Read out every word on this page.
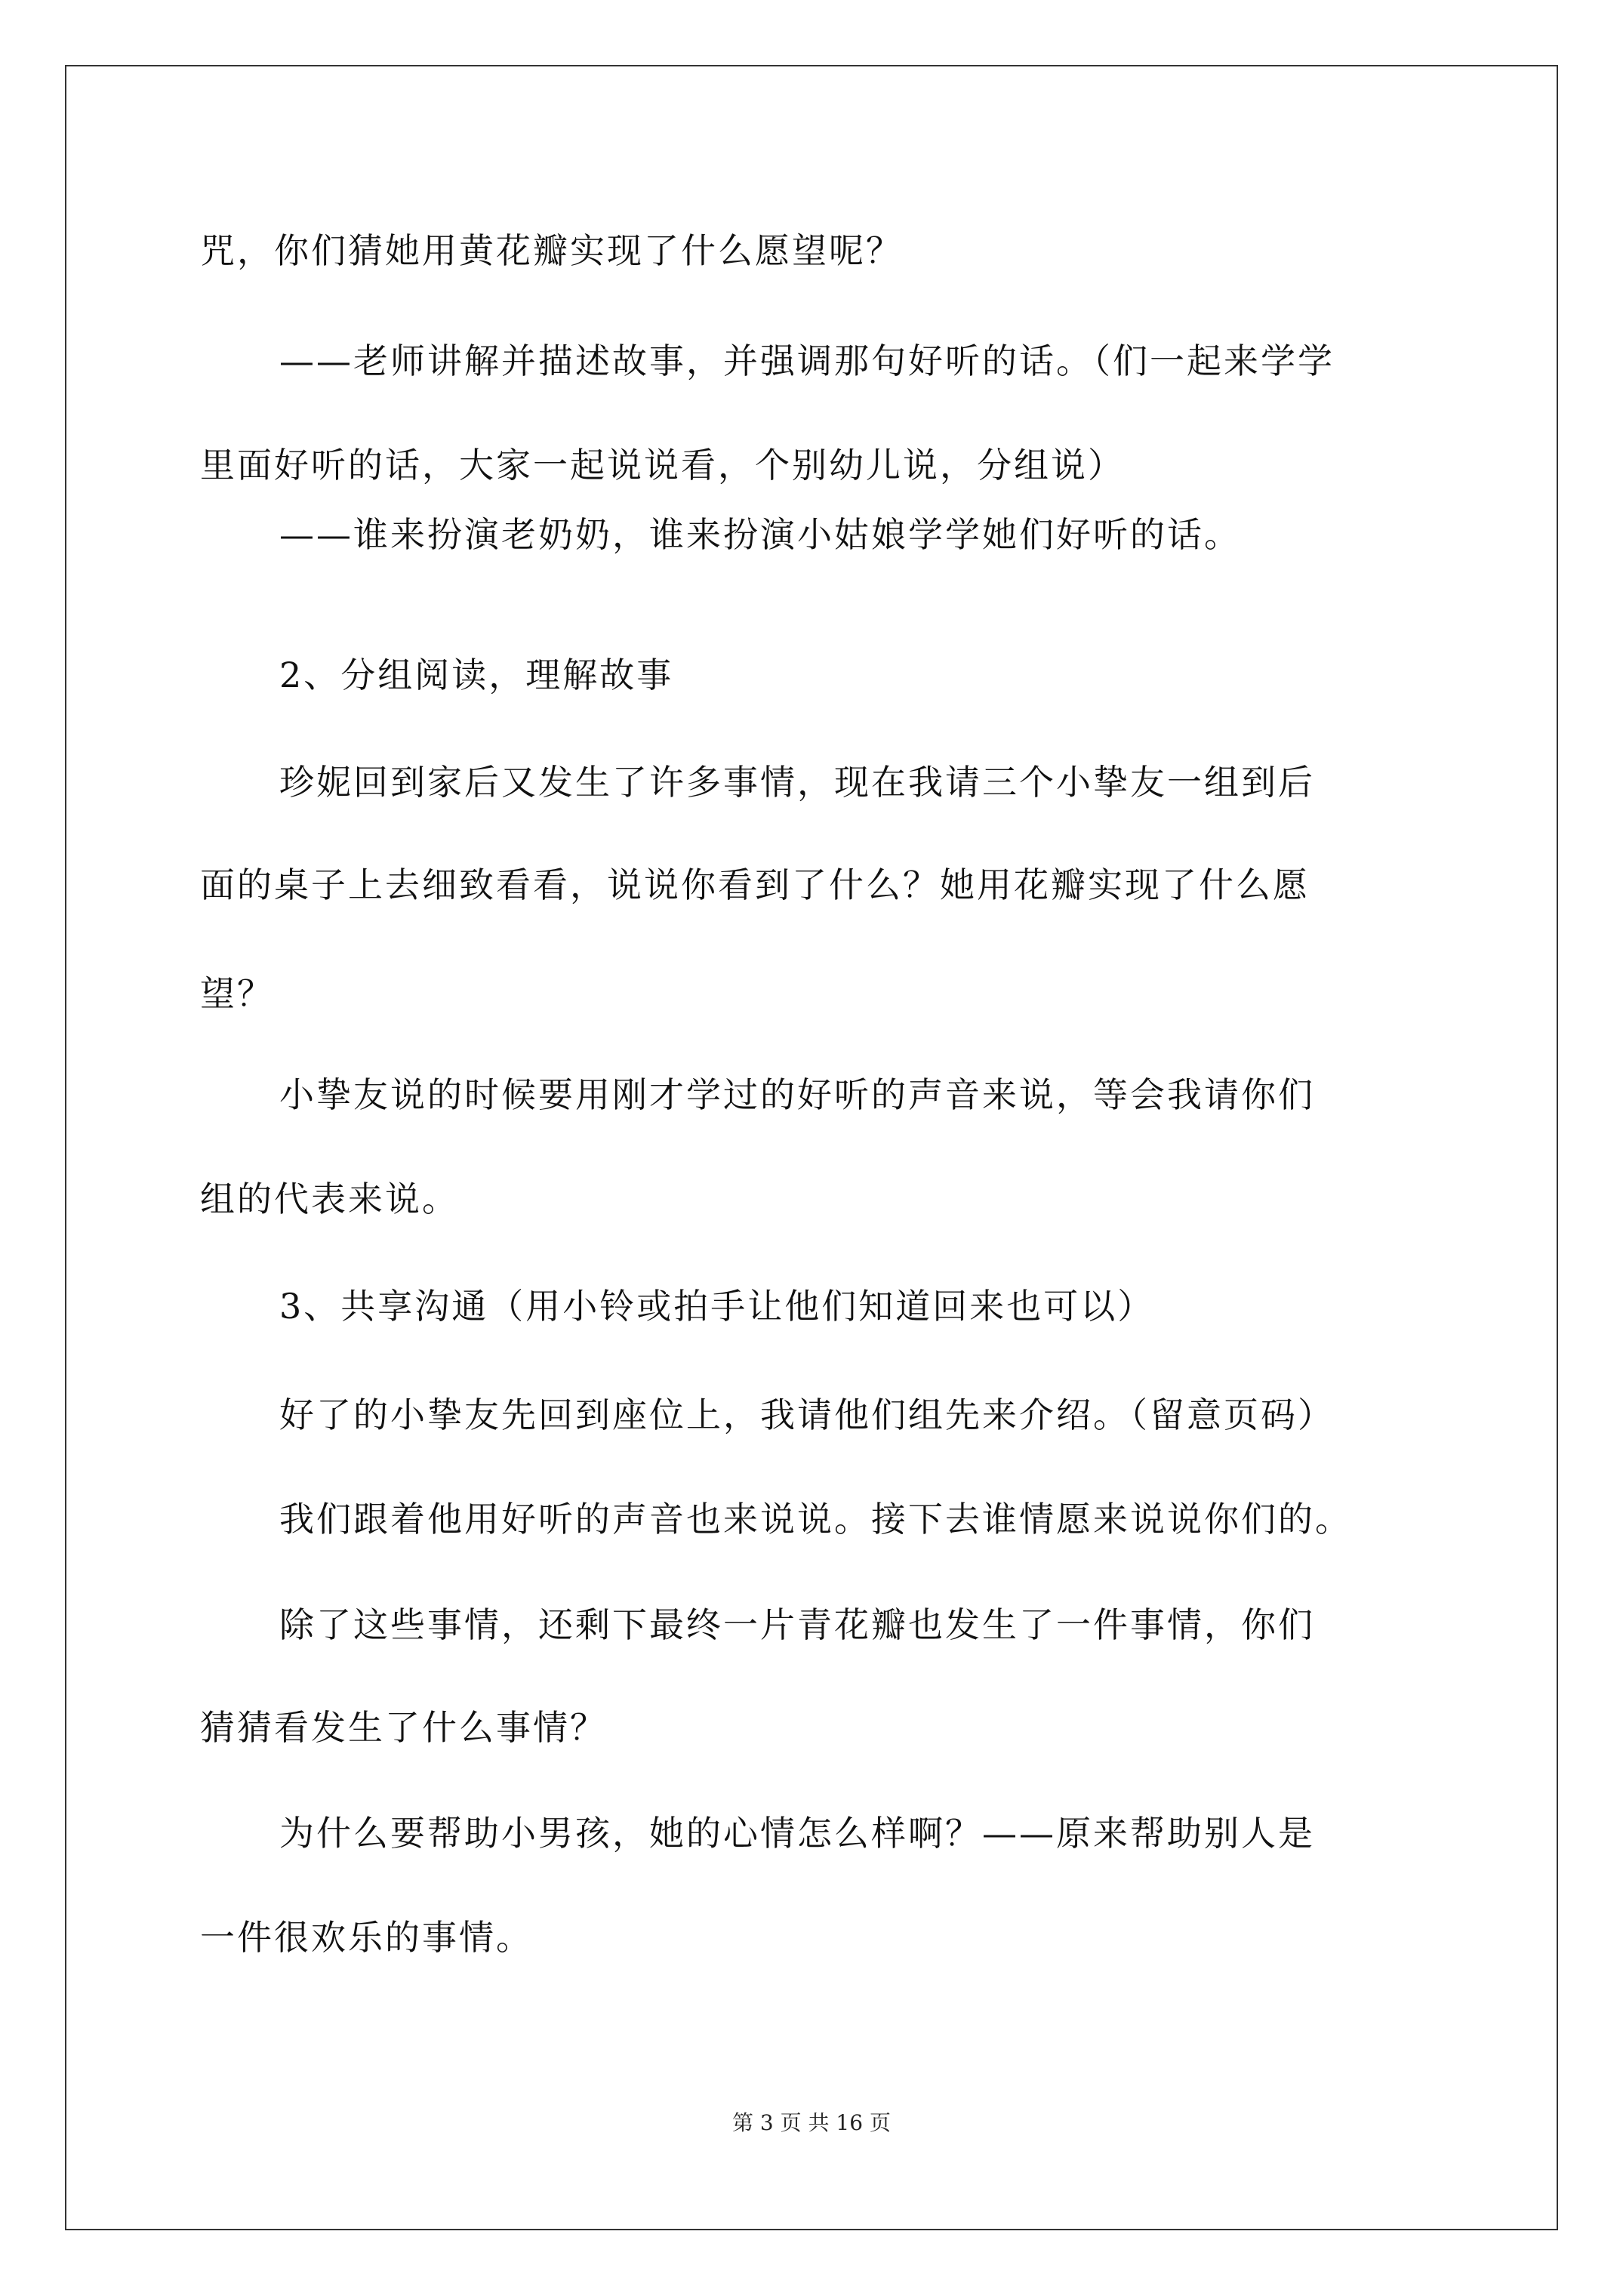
咒，你们猜她用黄花瓣实现了什么愿望呢？
——老师讲解并描述故事，并强调那句好听的话。（们一起来学学
里面好听的话，大家一起说说看，个别幼儿说，分组说）
——谁来扮演老奶奶，谁来扮演小姑娘学学她们好听的话。
2、分组阅读，理解故事
珍妮回到家后又发生了许多事情，现在我请三个小挚友一组到后
面的桌子上去细致看看，说说你看到了什么？她用花瓣实现了什么愿
望？
小挚友说的时候要用刚才学过的好听的声音来说，等会我请你们
组的代表来说。
3、共享沟通（用小铃或拍手让他们知道回来也可以）
好了的小挚友先回到座位上，我请他们组先来介绍。（留意页码）
我们跟着他用好听的声音也来说说。接下去谁情愿来说说你们的。
除了这些事情，还剩下最终一片青花瓣也发生了一件事情，你们
猜猜看发生了什么事情？
为什么要帮助小男孩，她的心情怎么样啊？——原来帮助别人是
一件很欢乐的事情。
第 3 页 共 16 页
